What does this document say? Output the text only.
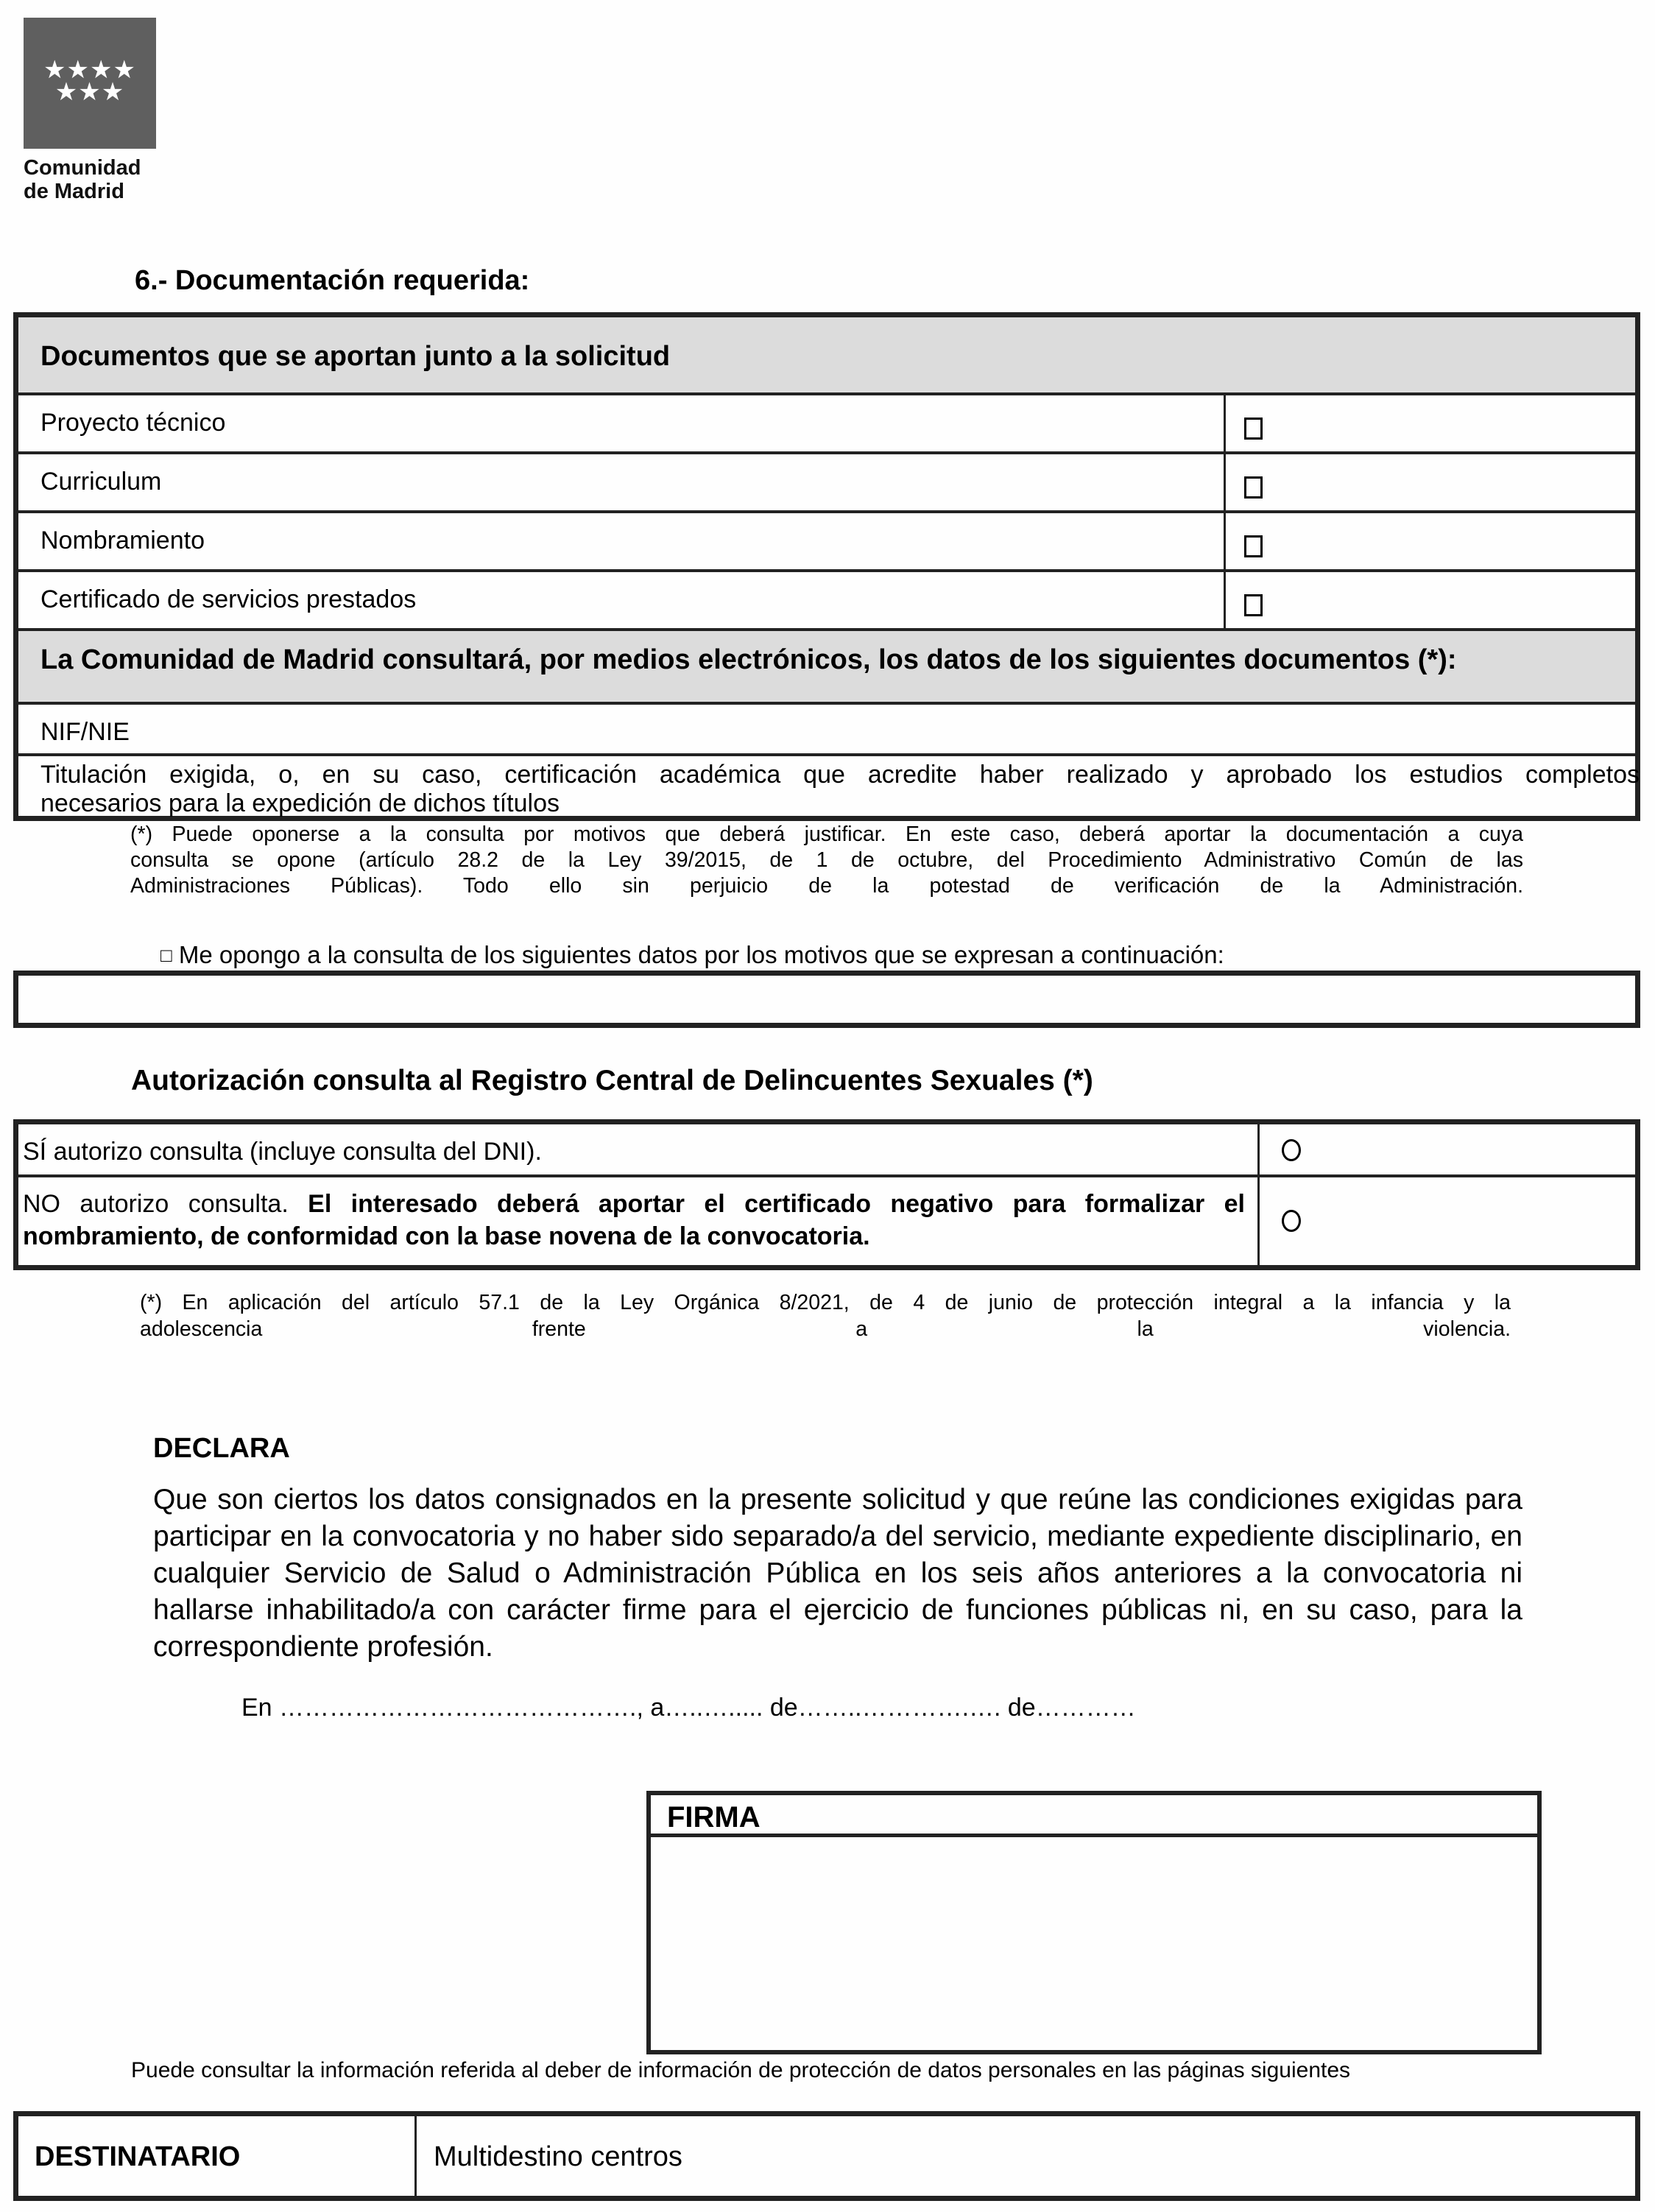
★★★★
★★★
Comunidad
de Madrid
6.- Documentación requerida:
Documentos que se aportan junto a la solicitud
Proyecto técnico
Curriculum
Nombramiento
Certificado de servicios prestados
La Comunidad de Madrid consultará, por medios electrónicos, los datos de los siguientes documentos (*):
NIF/NIE
Titulación exigida, o, en su caso, certificación académica que acredite haber realizado y aprobado los estudios completos
necesarios para la expedición de dichos títulos
(*) Puede oponerse a la consulta por motivos que deberá justificar. En este caso, deberá aportar la documentación a cuya
consulta se opone (artículo 28.2 de la Ley 39/2015, de 1 de octubre, del Procedimiento Administrativo Común de las
Administraciones Públicas). Todo ello sin perjuicio de la potestad de verificación de la Administración.
□ Me opongo a la consulta de los siguientes datos por los motivos que se expresan a continuación:
Autorización consulta al Registro Central de Delincuentes Sexuales (*)
SÍ autorizo consulta (incluye consulta del DNI).
NO autorizo consulta. El interesado deberá aportar el certificado negativo para formalizar el
nombramiento, de conformidad con la base novena de la convocatoria.
(*) En aplicación del artículo 57.1 de la Ley Orgánica 8/2021, de 4 de junio de protección integral a la infancia y la
adolescencia frente a la violencia.
DECLARA
Que son ciertos los datos consignados en la presente solicitud y que reúne las condiciones exigidas para participar en la convocatoria y no haber sido separado/a del servicio, mediante expediente disciplinario, en cualquier Servicio de Salud o Administración Pública en los seis años anteriores a la convocatoria ni hallarse inhabilitado/a con carácter firme para el ejercicio de funciones públicas ni, en su caso, para la correspondiente profesión.
En ……………………………………., a…..…..... de……..………….…. de…………
FIRMA
Puede consultar la información referida al deber de información de protección de datos personales en las páginas siguientes
DESTINATARIO	Multidestino centros
